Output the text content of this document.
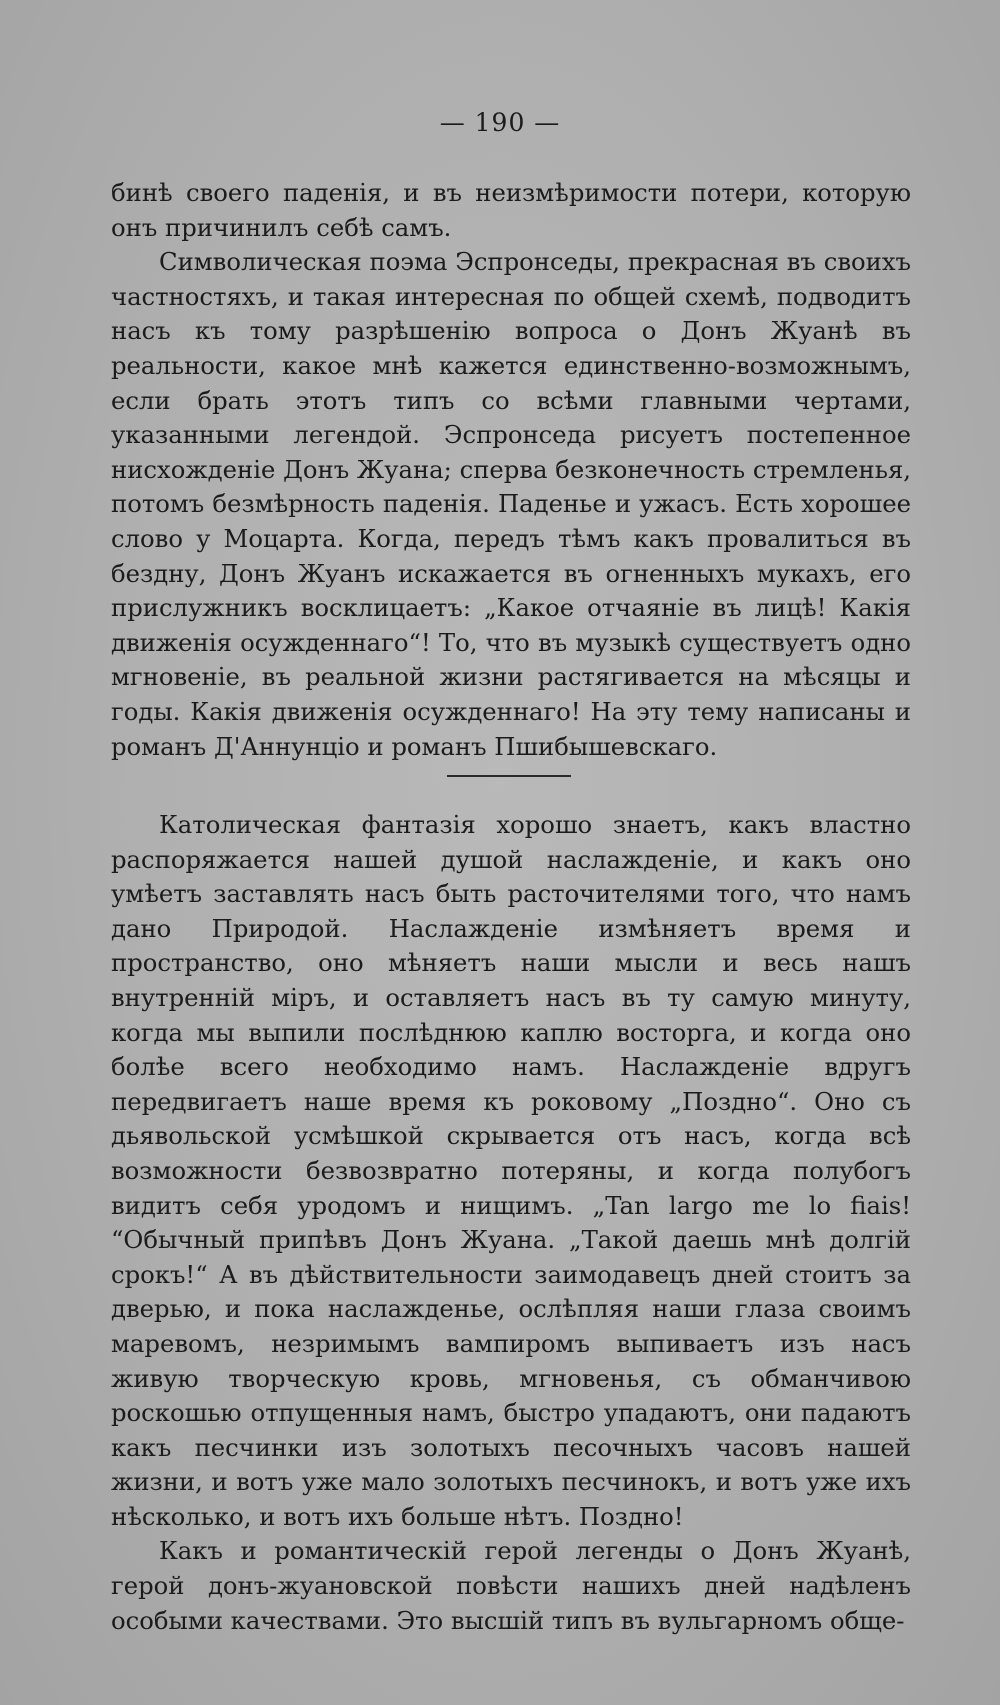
— 190 —

бинѣ своего паденія, и въ неизмѣримости потери, которую онъ причинилъ себѣ самъ.

Символическая поэма Эспронседы, прекрасная въ своихъ частностяхъ, и такая интересная по общей схемѣ, подводитъ насъ къ тому разрѣшенію вопроса о Донъ Жуанѣ въ реальности, какое мнѣ кажется единственно-возможнымъ, если брать этотъ типъ со всѣми главными чертами, указанными легендой. Эспронседа рисуетъ постепенное нисхожденіе Донъ Жуана; сперва безконечность стремленья, потомъ безмѣрность паденія. Паденье и ужасъ. Есть хорошее слово у Моцарта. Когда, передъ тѣмъ какъ провалиться въ бездну, Донъ Жуанъ искажается въ огненныхъ мукахъ, его прислужникъ восклицаетъ: „Какое отчаяніе въ лицѣ! Какія движенія осужденнаго“! То, что въ музыкѣ существуетъ одно мгновеніе, въ реальной жизни растягивается на мѣсяцы и годы. Какія движенія осужденнаго! На эту тему написаны и романъ Д'Аннунціо и романъ Пшибышевскаго.

Католическая фантазія хорошо знаетъ, какъ властно распоряжается нашей душой наслажденіе, и какъ оно умѣетъ заставлять насъ быть расточителями того, что намъ дано Природой. Наслажденіе измѣняетъ время и пространство, оно мѣняетъ наши мысли и весь нашъ внутренній міръ, и оставляетъ насъ въ ту самую минуту, когда мы выпили послѣднюю каплю восторга, и когда оно болѣе всего необходимо намъ. Наслажденіе вдругъ передвигаетъ наше время къ роковому „Поздно“. Оно съ дьявольской усмѣшкой скрывается отъ насъ, когда всѣ возможности безвозвратно потеряны, и когда полубогъ видитъ себя уродомъ и нищимъ. „Tan largo me lo fiais! “Обычный припѣвъ Донъ Жуана. „Такой даешь мнѣ долгій срокъ!“ А въ дѣйствительности заимодавецъ дней стоитъ за дверью, и пока наслажденье, ослѣпляя наши глаза своимъ маревомъ, незримымъ вампиромъ выпиваетъ изъ насъ живую творческую кровь, мгновенья, съ обманчивою роскошью отпущенныя намъ, быстро упадаютъ, они падаютъ какъ песчинки изъ золотыхъ песочныхъ часовъ нашей жизни, и вотъ уже мало золотыхъ песчинокъ, и вотъ уже ихъ нѣсколько, и вотъ ихъ больше нѣтъ. Поздно!

Какъ и романтическій герой легенды о Донъ Жуанѣ, герой донъ-жуановской повѣсти нашихъ дней надѣленъ особыми качествами. Это высшій типъ въ вульгарномъ обще-
